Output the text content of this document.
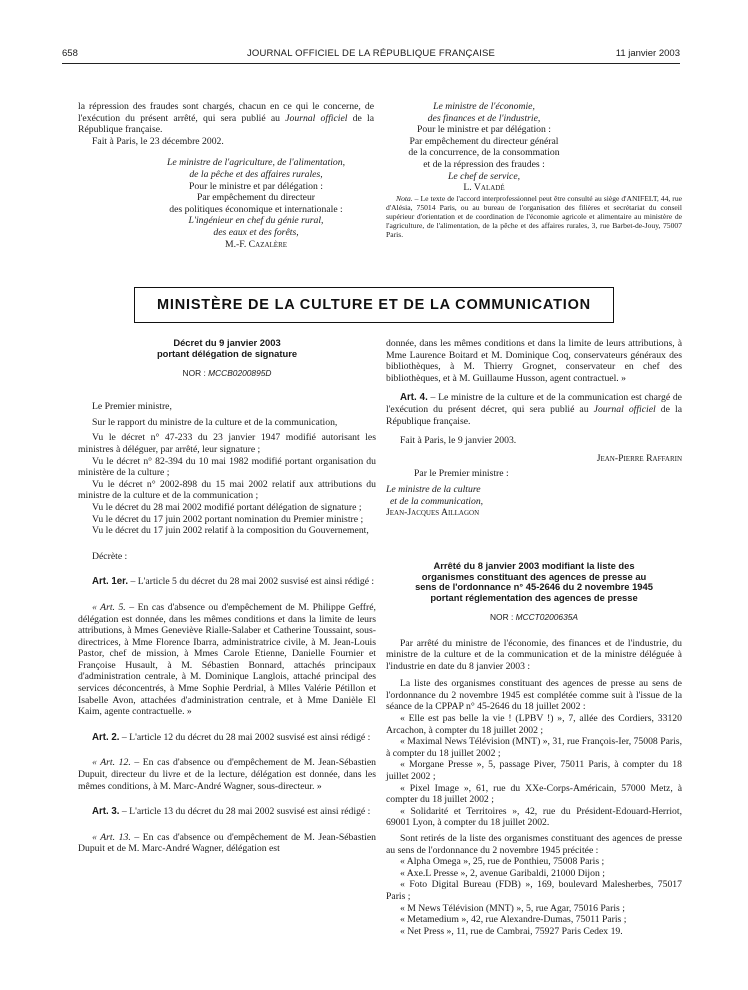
658	JOURNAL OFFICIEL DE LA RÉPUBLIQUE FRANÇAISE	11 janvier 2003

la répression des fraudes sont chargés, chacun en ce qui le concerne, de l'exécution du présent arrêté, qui sera publié au Journal officiel de la République française.

Fait à Paris, le 23 décembre 2002.

Le ministre de l'agriculture, de l'alimentation,

de la pêche et des affaires rurales,

Pour le ministre et par délégation :

Par empêchement du directeur

des politiques économique et internationale :

L'ingénieur en chef du génie rural,

des eaux et des forêts,

M.-F. Cazalère

Le ministre de l'économie,

des finances et de l'industrie,

Pour le ministre et par délégation :

Par empêchement du directeur général

de la concurrence, de la consommation

et de la répression des fraudes :

Le chef de service,

L. Valadé

Nota. – Le texte de l'accord interprofessionnel peut être consulté au siège d'ANIFELT, 44, rue d'Alésia, 75014 Paris, ou au bureau de l'organisation des filières et secrétariat du conseil supérieur d'orientation et de coordination de l'économie agricole et alimentaire au ministère de l'agriculture, de l'alimentation, de la pêche et des affaires rurales, 3, rue Barbet-de-Jouy, 75007 Paris.

MINISTÈRE DE LA CULTURE ET DE LA COMMUNICATION

Décret du 9 janvier 2003
portant délégation de signature

NOR : MCCB0200895D

Le Premier ministre,

Sur le rapport du ministre de la culture et de la communication,

Vu le décret n° 47-233 du 23 janvier 1947 modifié autorisant les ministres à déléguer, par arrêté, leur signature ;

Vu le décret n° 82-394 du 10 mai 1982 modifié portant organisation du ministère de la culture ;

Vu le décret n° 2002-898 du 15 mai 2002 relatif aux attributions du ministre de la culture et de la communication ;

Vu le décret du 28 mai 2002 modifié portant délégation de signature ;

Vu le décret du 17 juin 2002 portant nomination du Premier ministre ;

Vu le décret du 17 juin 2002 relatif à la composition du Gouvernement,

Décrète :

Art. 1er. – L'article 5 du décret du 28 mai 2002 susvisé est ainsi rédigé :

« Art. 5. – En cas d'absence ou d'empêchement de M. Philippe Geffré, délégation est donnée, dans les mêmes conditions et dans la limite de leurs attributions, à Mmes Geneviève Rialle-Salaber et Catherine Toussaint, sous-directrices, à Mme Florence Ibarra, administratrice civile, à M. Jean-Louis Pastor, chef de mission, à Mmes Carole Etienne, Danielle Fournier et Françoise Husault, à M. Sébastien Bonnard, attachés principaux d'administration centrale, à M. Dominique Langlois, attaché principal des services déconcentrés, à Mme Sophie Perdrial, à Mlles Valérie Pétillon et Isabelle Avon, attachées d'administration centrale, et à Mme Danièle El Kaim, agente contractuelle. »

Art. 2. – L'article 12 du décret du 28 mai 2002 susvisé est ainsi rédigé :

« Art. 12. – En cas d'absence ou d'empêchement de M. Jean-Sébastien Dupuit, directeur du livre et de la lecture, délégation est donnée, dans les mêmes conditions, à M. Marc-André Wagner, sous-directeur. »

Art. 3. – L'article 13 du décret du 28 mai 2002 susvisé est ainsi rédigé :

« Art. 13. – En cas d'absence ou d'empêchement de M. Jean-Sébastien Dupuit et de M. Marc-André Wagner, délégation est

donnée, dans les mêmes conditions et dans la limite de leurs attributions, à Mme Laurence Boitard et M. Dominique Coq, conservateurs généraux des bibliothèques, à M. Thierry Grognet, conservateur en chef des bibliothèques, et à M. Guillaume Husson, agent contractuel. »

Art. 4. – Le ministre de la culture et de la communication est chargé de l'exécution du présent décret, qui sera publié au Journal officiel de la République française.

Fait à Paris, le 9 janvier 2003.

Jean-Pierre Raffarin

Par le Premier ministre :

Le ministre de la culture

et de la communication,

Jean-Jacques Aillagon

Arrêté du 8 janvier 2003 modifiant la liste des
organismes constituant des agences de presse au
sens de l'ordonnance n° 45-2646 du 2 novembre 1945
portant réglementation des agences de presse

NOR : MCCT0200635A

Par arrêté du ministre de l'économie, des finances et de l'industrie, du ministre de la culture et de la communication et de la ministre déléguée à l'industrie en date du 8 janvier 2003 :

La liste des organismes constituant des agences de presse au sens de l'ordonnance du 2 novembre 1945 est complétée comme suit à l'issue de la séance de la CPPAP n° 45-2646 du 18 juillet 2002 :

« Elle est pas belle la vie ! (LPBV !) », 7, allée des Cordiers, 33120 Arcachon, à compter du 18 juillet 2002 ;

« Maximal News Télévision (MNT) », 31, rue François-Ier, 75008 Paris, à compter du 18 juillet 2002 ;

« Morgane Presse », 5, passage Piver, 75011 Paris, à compter du 18 juillet 2002 ;

« Pixel Image », 61, rue du XXe-Corps-Américain, 57000 Metz, à compter du 18 juillet 2002 ;

« Solidarité et Territoires », 42, rue du Président-Edouard-Herriot, 69001 Lyon, à compter du 18 juillet 2002.

Sont retirés de la liste des organismes constituant des agences de presse au sens de l'ordonnance du 2 novembre 1945 précitée :

« Alpha Omega », 25, rue de Ponthieu, 75008 Paris ;

« Axe.L Presse », 2, avenue Garibaldi, 21000 Dijon ;

« Foto Digital Bureau (FDB) », 169, boulevard Malesherbes, 75017 Paris ;

« M News Télévision (MNT) », 5, rue Agar, 75016 Paris ;

« Metamedium », 42, rue Alexandre-Dumas, 75011 Paris ;

« Net Press », 11, rue de Cambrai, 75927 Paris Cedex 19.
